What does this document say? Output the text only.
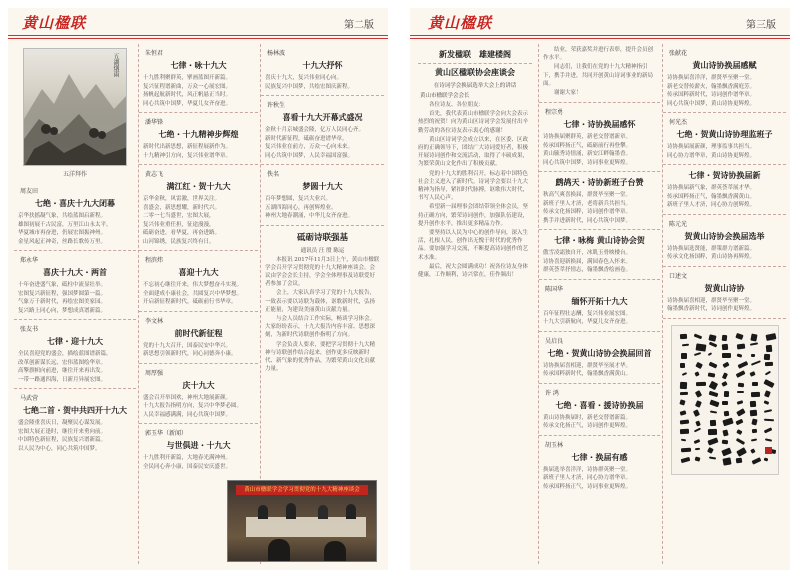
黄山楹联	第二版
五湖烟雨
五洋拜作
周友田
七绝・喜庆十九大闭幕
京华扶摇凝气象，共绘蓝图启新程。
雄图初展千古民富，万里江山永太平。
华夏城市再奋进，仍展宏图振神州。
金星风起正神奇，丝路长歌传万里。
郑永华
喜庆十九大・两首
十年奋进盛气象，砥柱中流显壮举。
宏图复兴新征程，强国梦圆第一篇。
气象万千新时代，再绘宏图美家园。
复兴路上同心向，梦想成真谱新篇。
张友书
七律・迎十九大
全民喜迎党的盛会，描绘蓝图谱新篇。
改革创新谋长远，宏伟蓝图绘华章。
高擎旗帜向前进，继往开来再出发。
一带一路通四海，日新月异展宏图。
马武营
七绝二首・贺中共四开十九大
盛会隆重喜庆日，凝聚民心谋发展。
宏图大展正逢时，继往开来勇向前。
中国特色新征程，民族复兴谱新篇。
以人民为中心，同心共筑中国梦。
朱恒君
七律・咏十九大
十九胜利聚群英，擘画蓝图开新篇。
复兴征程谱新曲，万众一心展宏图。
扬帆起航新时代，风正帆悬正当时。
同心共筑中国梦，华夏儿女齐奋进。
潘华锋
七绝・十九精神步辉煌
新时代出新思想，新征程展新作为。
十九精神引方向，复兴伟业谱华章。
黄志飞
满江红・贺十九大
京华金秋，风雷激，世界关注。
喜盛会，新思想耀，新时代兴。
二零一七当盛世，宏图大展，
复兴伟业重任担，征途漫漫，
砥砺奋进，看华夏，再奋进路。
山河锦绣，民族复兴终有日。
程滨炜
喜迎十九大
不忘初心继往开来，伟大梦想奋斗实现。
全面建成小康社会，共圆复兴中华梦想。
开启新征程新时代，砥砺前行书华章。
李文林
前时代新征程
党的十九大召开，国泰民安中华兴。
新思想引领新时代，同心同德奔小康。
周厚强
庆十九大
盛会召开举国欢，神州大地展新颜。
十九大报告指明方向，复兴中华梦必圆。
人民幸福感满满，同心共筑中国梦。
郭玉华（新闻）
与世俱进・十九大
十九胜利开新篇，大地春光满神州。
全民同心奔小康，国泰民安庆盛世。
杨林波
十九大抒怀
喜庆十九大，复兴伟业同心向。
民族复兴中国梦，共绘宏图庆新程。
许秋生
喜看十九大开幕式盛况
金秋十月京城盛会隆，亿万人民同心齐。
新时代新征程，砥砺奋进谱华章。
复兴伟业在前方，万众一心向未来。
同心共筑中国梦，人民幸福国富强。
佚名
梦圆十九大
百年梦想圆，复兴大业兴。
五湖四海同心，再创辉煌业。
神州大地春潮涌，中华儿女齐奋进。
砥砺诗联强基
通讯员 汪 殷 陈运

本报讯 2017年11月3日上午，黄山市楹联学会召开学习贯彻党的十九大精神座谈会。会议由学会会长主持，学会全体理事及诗联爱好者参加了会议。

会上，大家认真学习了党的十九大报告，一致表示要以诗联为载体，讴歌新时代，弘扬正能量，为建设美丽黄山贡献力量。

与会人员结合工作实际，畅谈学习体会。大家纷纷表示，十九大报告内容丰富、思想深刻，为新时代诗联创作指明了方向。

学会负责人要求，要把学习贯彻十九大精神与诗联创作结合起来，创作更多反映新时代、新气象的优秀作品，为繁荣黄山文化贡献力量。

黄山市楹联学会学习贯彻党的十九大精神座谈会
黄山楹联	第三版
新发楹联　雄建楼阁
黄山区楹联协会座谈会
在诗词学会换届选举大会上的讲话
黄山市楹联学会会长

各位诗友、各位朋友：

首先，我代表黄山市楹联学会向大会表示热烈的祝贺！向为黄山区诗词学会发展付出辛勤劳动的各位诗友表示衷心的感谢！

黄山区诗词学会成立以来，在区委、区政府的正确领导下，团结广大诗词爱好者，积极开展诗词创作和交流活动，取得了丰硕成果，为繁荣黄山文化作出了积极贡献。

党的十九大的胜利召开，标志着中国特色社会主义进入了新时代。诗词学会要以十九大精神为指导，紧扣时代脉搏，讴歌伟大时代，书写人民心声。

希望新一届理事会团结带领全体会员，坚持正确方向，繁荣诗词创作，加强队伍建设，提升创作水平，推出更多精品力作。

要坚持以人民为中心的创作导向，深入生活，扎根人民，创作出无愧于时代的优秀作品。要加强学习交流，不断提高诗词创作的艺术水准。

最后，祝大会圆满成功！祝各位诗友身体健康，工作顺利，诗兴常在，佳作频出！

结业，荣获嘉奖并进行表彰，提升会员创作水平。

同志们，让我们在党的十九大精神指引下，携手并进，共同开创黄山诗词事业的新局面。

谢谢大家！

程宗勇
七律・诗协换届感怀
诗协换届聚群英，新老交替谱新章。
传承国粹扬正气，砥砺前行再登攀。
黄山毓秀诗情涌，新安江畔翰墨香。
同心共筑中国梦，诗词事业更辉煌。
鹧鸪天・诗协新班子台赞
秋高气爽喜换届，群贤毕至聚一堂。
新班子里人才济，老将新兵共担当。
传承文化扬国粹，诗词创作谱华章。
携手并进新时代，同心共筑中国梦。
七律・咏梅 黄山诗协会贺
傲雪凌霜独自开，冰肌玉骨映楼台。
诗协喜迎新换届，满园春色入怀来。
群英荟萃抒情志，翰墨飘香绘画卷。
陈国华
缅怀开拓十九大
百年征程壮志酬，复兴伟业展宏图。
十九大引新航向，华夏儿女齐奋进。
吴启良
七绝・贺黄山诗协会换届回首
诗协换届喜相迎，群贤毕至展才华。
传承国粹新时代，翰墨飘香满黄山。
许 鸿
七绝・喜看・援诗协换届
黄山诗协换届时，新老交替谱新篇。
传承文化扬正气，诗词创作更辉煌。
胡玉林
七律・换届有感
换届选举喜洋洋，诗协群英聚一堂。
新班子里人才济，同心协力谱华章。
传承国粹扬正气，诗词事业更辉煌。
张献花
黄山诗协换届感赋
诗协换届喜洋洋，群贤毕至聚一堂。
新老交替传薪火，翰墨飘香满庭芳。
传承国粹新时代，诗词创作谱华章。
同心共筑中国梦，黄山诗协更辉煌。
何光杰
七绝・贺黄山诗协理监班子
诗协换届展新颜，理事监事共担当。
同心协力谱华章，黄山诗协更辉煌。
七律・贺诗协换届新
诗协换届新气象，群英荟萃展才华。
传承国粹扬正气，翰墨飘香满黄山。
新班子里人才济，同心协力创辉煌。
陈元光
贺黄山诗协会换届选举
诗协换届选贤能，群策群力谱新篇。
传承文化扬国粹，黄山诗协再辉煌。
口述文
贺黄山诗协
诗协换届喜相迎，群贤毕至聚一堂。
翰墨飘香新时代，诗词创作更辉煌。
